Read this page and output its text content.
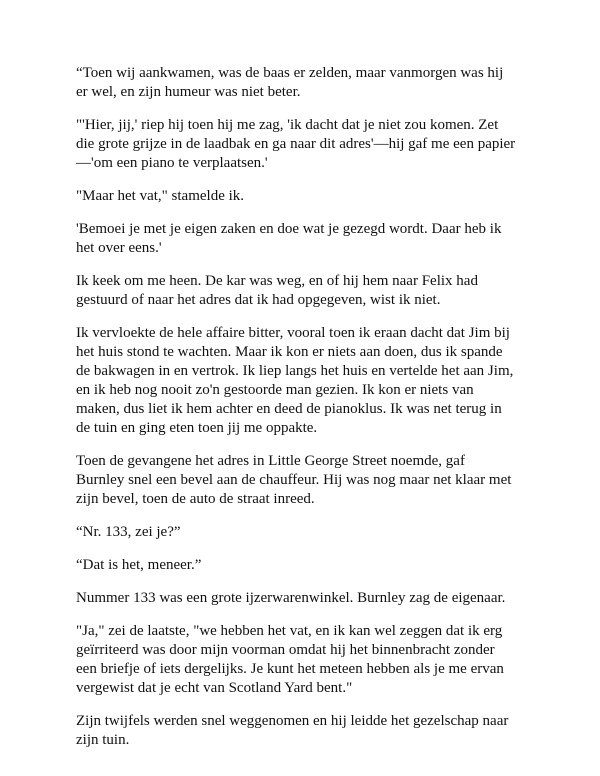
“Toen wij aankwamen, was de baas er zelden, maar vanmorgen was hij er wel, en zijn humeur was niet beter.

"'Hier, jij,' riep hij toen hij me zag, 'ik dacht dat je niet zou komen. Zet die grote grijze in de laadbak en ga naar dit adres'—hij gaf me een papier—'om een piano te verplaatsen.'

"Maar het vat," stamelde ik.

'Bemoei je met je eigen zaken en doe wat je gezegd wordt. Daar heb ik het over eens.'

Ik keek om me heen. De kar was weg, en of hij hem naar Felix had gestuurd of naar het adres dat ik had opgegeven, wist ik niet.

Ik vervloekte de hele affaire bitter, vooral toen ik eraan dacht dat Jim bij het huis stond te wachten. Maar ik kon er niets aan doen, dus ik spande de bakwagen in en vertrok. Ik liep langs het huis en vertelde het aan Jim, en ik heb nog nooit zo'n gestoorde man gezien. Ik kon er niets van maken, dus liet ik hem achter en deed de pianoklus. Ik was net terug in de tuin en ging eten toen jij me oppakte.

Toen de gevangene het adres in Little George Street noemde, gaf Burnley snel een bevel aan de chauffeur. Hij was nog maar net klaar met zijn bevel, toen de auto de straat inreed.

“Nr. 133, zei je?”

“Dat is het, meneer.”

Nummer 133 was een grote ijzerwarenwinkel. Burnley zag de eigenaar.

"Ja," zei de laatste, "we hebben het vat, en ik kan wel zeggen dat ik erg geïrriteerd was door mijn voorman omdat hij het binnenbracht zonder een briefje of iets dergelijks. Je kunt het meteen hebben als je me ervan vergewist dat je echt van Scotland Yard bent."

Zijn twijfels werden snel weggenomen en hij leidde het gezelschap naar zijn tuin.
